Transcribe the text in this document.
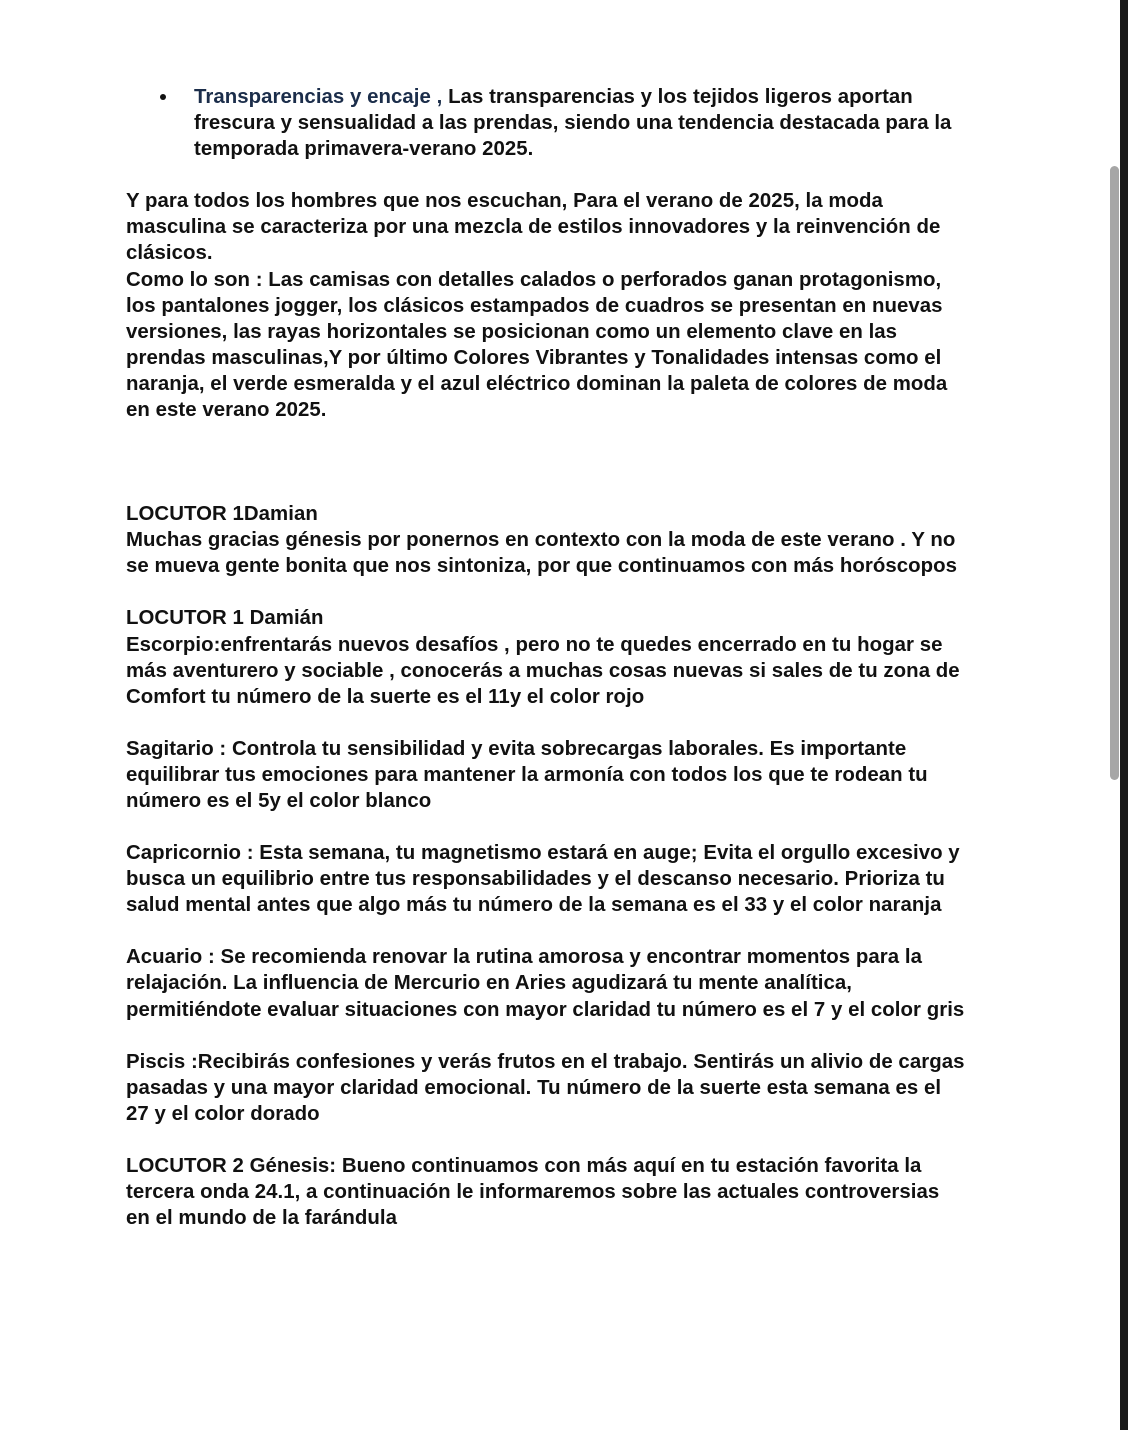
Transparencias y encaje , Las transparencias y los tejidos ligeros aportan frescura y sensualidad a las prendas, siendo una tendencia destacada para la temporada primavera-verano 2025.

Y para todos los hombres que nos escuchan, Para el verano de 2025, la moda masculina se caracteriza por una mezcla de estilos innovadores y la reinvención de clásicos.

Como lo son : Las camisas con detalles calados o perforados ganan protagonismo, los pantalones jogger, los clásicos estampados de cuadros se presentan en nuevas versiones, las rayas horizontales se posicionan como un elemento clave en las prendas masculinas,Y por último Colores Vibrantes y Tonalidades intensas como el naranja, el verde esmeralda y el azul eléctrico dominan la paleta de colores de moda en este verano 2025.

LOCUTOR 1Damian

Muchas gracias génesis por ponernos en contexto con la moda de este verano . Y no se mueva gente bonita que nos sintoniza, por que continuamos con más horóscopos

LOCUTOR 1 Damián

Escorpio:enfrentarás nuevos desafíos , pero no te quedes encerrado en tu hogar se más aventurero y sociable , conocerás a muchas cosas nuevas si sales de tu zona de Comfort tu número de la suerte es el 11y el color rojo

Sagitario : Controla tu sensibilidad y evita sobrecargas laborales. Es importante equilibrar tus emociones para mantener la armonía con todos los que te rodean tu número es el 5y el color blanco

Capricornio : Esta semana, tu magnetismo estará en auge; Evita el orgullo excesivo y busca un equilibrio entre tus responsabilidades y el descanso necesario. Prioriza tu salud mental antes que algo más tu número de la semana es el 33 y el color naranja

Acuario : Se recomienda renovar la rutina amorosa y encontrar momentos para la relajación. La influencia de Mercurio en Aries agudizará tu mente analítica, permitiéndote evaluar situaciones con mayor claridad tu número es el 7 y el color gris

Piscis :Recibirás confesiones y verás frutos en el trabajo. Sentirás un alivio de cargas pasadas y una mayor claridad emocional. Tu número de la suerte esta semana es el 27 y el color dorado

LOCUTOR 2 Génesis: Bueno continuamos con más aquí en tu estación favorita la tercera onda 24.1, a continuación le informaremos sobre las actuales controversias en el mundo de la farándula
